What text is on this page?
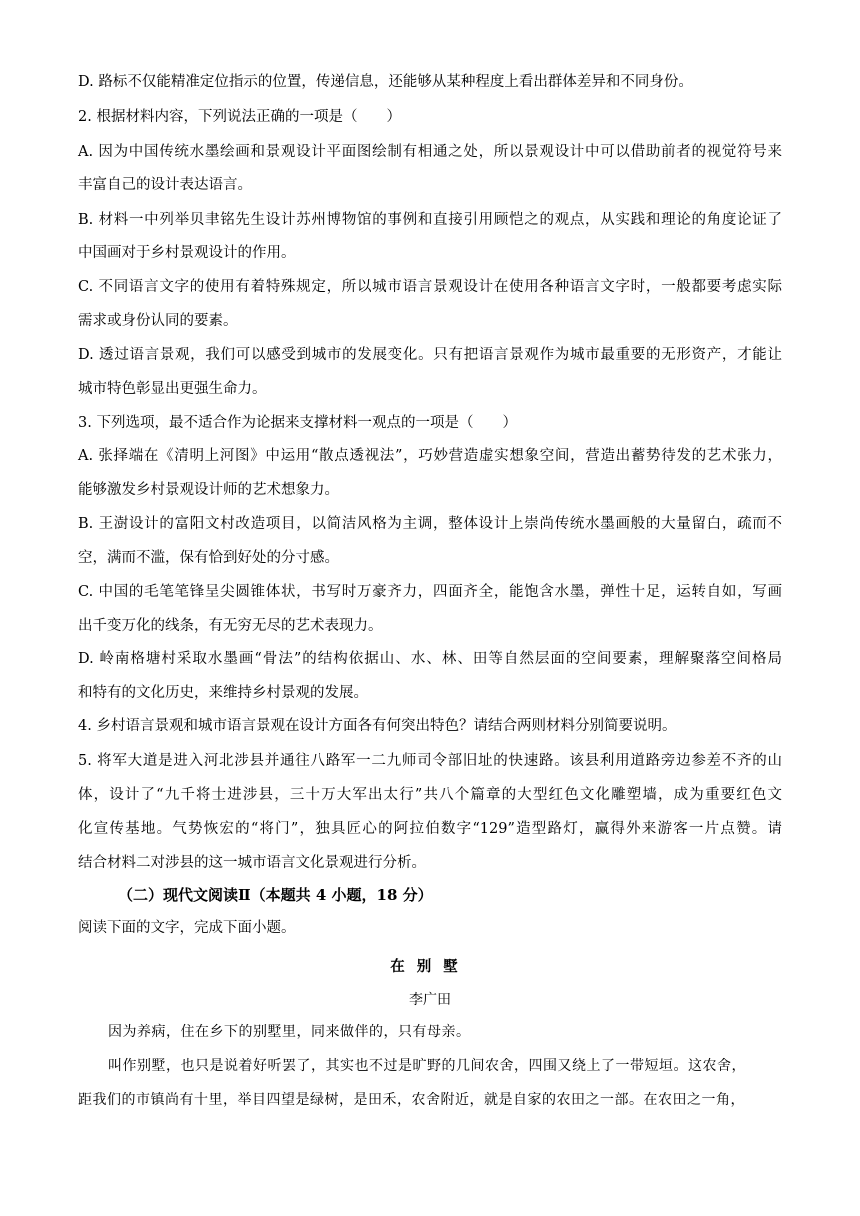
D. 路标不仅能精准定位指示的位置，传递信息，还能够从某种程度上看出群体差异和不同身份。
2. 根据材料内容，下列说法正确的一项是（　　）
A. 因为中国传统水墨绘画和景观设计平面图绘制有相通之处，所以景观设计中可以借助前者的视觉符号来
丰富自己的设计表达语言。
B. 材料一中列举贝聿铭先生设计苏州博物馆的事例和直接引用顾恺之的观点，从实践和理论的角度论证了
中国画对于乡村景观设计的作用。
C. 不同语言文字的使用有着特殊规定，所以城市语言景观设计在使用各种语言文字时，一般都要考虑实际
需求或身份认同的要素。
D. 透过语言景观，我们可以感受到城市的发展变化。只有把语言景观作为城市最重要的无形资产，才能让
城市特色彰显出更强生命力。
3. 下列选项，最不适合作为论据来支撑材料一观点的一项是（　　）
A. 张择端在《清明上河图》中运用“散点透视法”，巧妙营造虚实想象空间，营造出蓄势待发的艺术张力，
能够激发乡村景观设计师的艺术想象力。
B. 王澍设计的富阳文村改造项目，以简洁风格为主调，整体设计上崇尚传统水墨画般的大量留白，疏而不
空，满而不滥，保有恰到好处的分寸感。
C. 中国的毛笔笔锋呈尖圆锥体状，书写时万豪齐力，四面齐全，能饱含水墨，弹性十足，运转自如，写画
出千变万化的线条，有无穷无尽的艺术表现力。
D. 岭南格塘村采取水墨画“骨法”的结构依据山、水、林、田等自然层面的空间要素，理解聚落空间格局
和特有的文化历史，来维持乡村景观的发展。
4. 乡村语言景观和城市语言景观在设计方面各有何突出特色？请结合两则材料分别简要说明。
5. 将军大道是进入河北涉县并通往八路军一二九师司令部旧址的快速路。该县利用道路旁边参差不齐的山
体，设计了“九千将士进涉县，三十万大军出太行”共八个篇章的大型红色文化雕塑墙，成为重要红色文
化宣传基地。气势恢宏的“将门”，独具匠心的阿拉伯数字“129”造型路灯，赢得外来游客一片点赞。请
结合材料二对涉县的这一城市语言文化景观进行分析。
（二）现代文阅读Ⅱ（本题共 4 小题，18 分）
阅读下面的文字，完成下面小题。
在别墅
李广田
因为养病，住在乡下的别墅里，同来做伴的，只有母亲。
叫作别墅，也只是说着好听罢了，其实也不过是旷野的几间农舍，四围又绕上了一带短垣。这农舍，
距我们的市镇尚有十里，举目四望是绿树，是田禾，农舍附近，就是自家的农田之一部。在农田之一角，
